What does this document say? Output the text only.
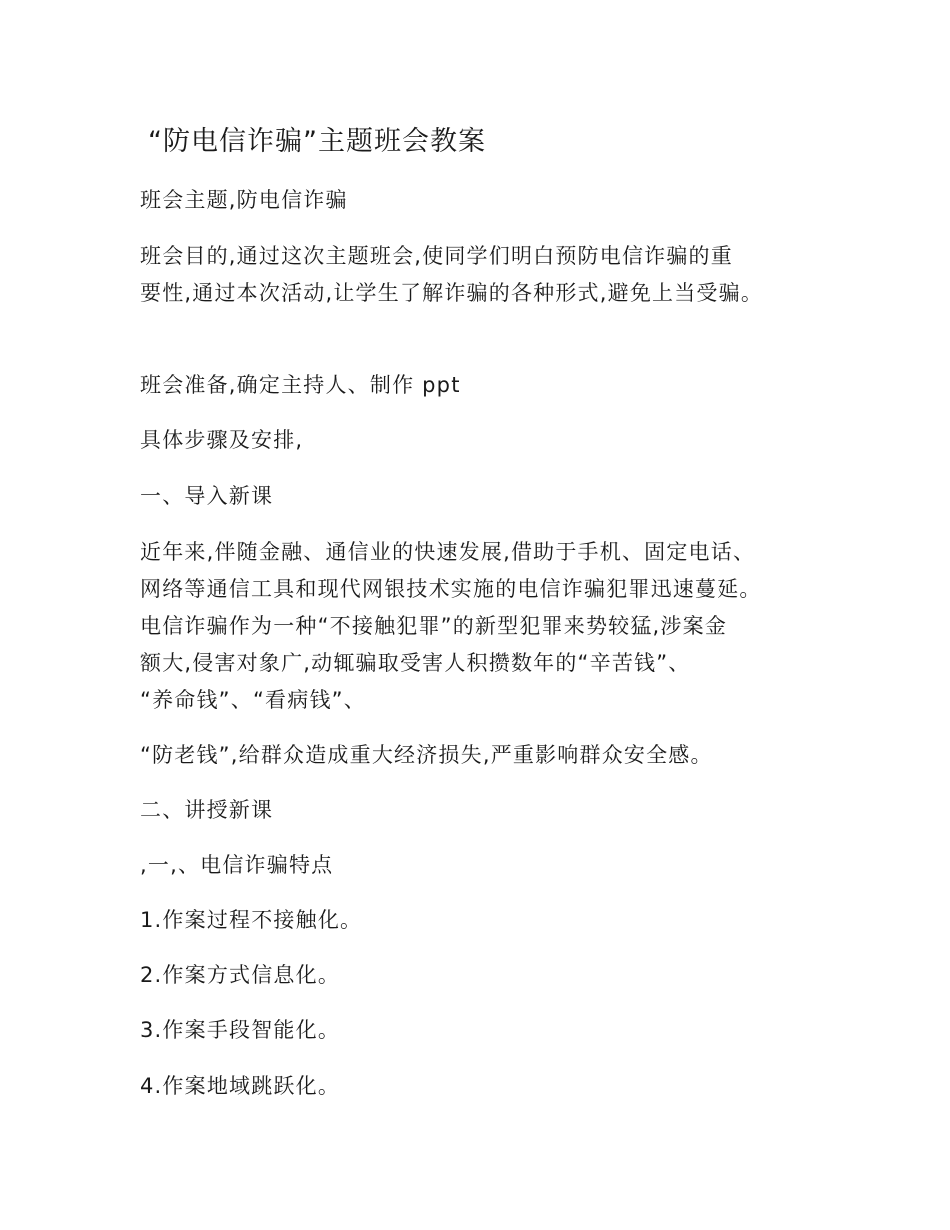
“防电信诈骗”主题班会教案
班会主题,防电信诈骗
班会目的,通过这次主题班会,使同学们明白预防电信诈骗的重
要性,通过本次活动,让学生了解诈骗的各种形式,避免上当受骗。
班会准备,确定主持人、制作 ppt
具体步骤及安排,
一、导入新课
近年来,伴随金融、通信业的快速发展,借助于手机、固定电话、
网络等通信工具和现代网银技术实施的电信诈骗犯罪迅速蔓延。
电信诈骗作为一种“不接触犯罪”的新型犯罪来势较猛,涉案金
额大,侵害对象广,动辄骗取受害人积攒数年的“辛苦钱”、
“养命钱”、“看病钱”、
“防老钱”,给群众造成重大经济损失,严重影响群众安全感。
二、讲授新课
,一,、电信诈骗特点
1.作案过程不接触化。
2.作案方式信息化。
3.作案手段智能化。
4.作案地域跳跃化。
